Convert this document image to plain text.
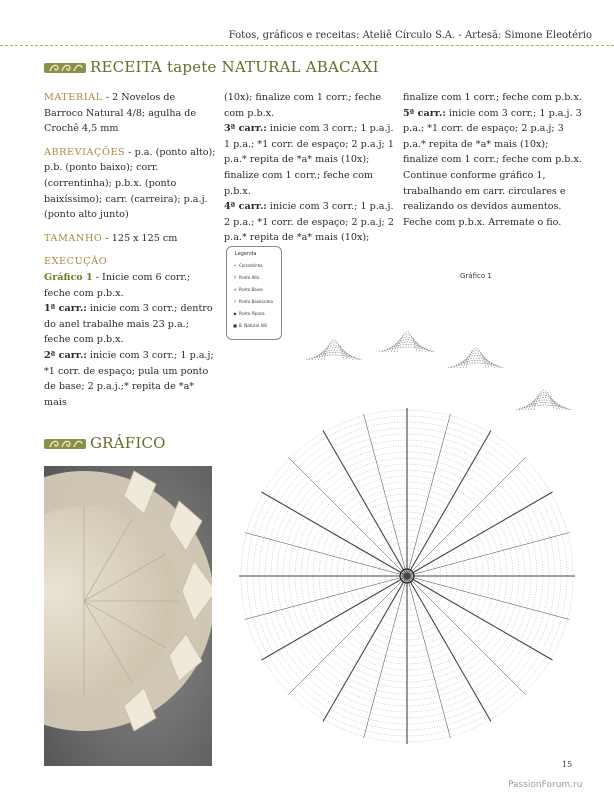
Fotos, gráficos e receitas: Ateliê Círculo S.A. - Artesã: Simone Eleotério
RECEITA tapete NATURAL ABACAXI

MATERIAL - 2 Novelos de Barroco Natural 4/8; agulha de Crochê 4,5 mm

ABREVIAÇÕES - p.a. (ponto alto); p.b. (ponto baixo); corr. (correntinha); p.b.x. (ponto baixíssimo); carr. (carreira); p.a.j. (ponto alto junto)

TAMANHO - 125 x 125 cm

EXECUÇÃO
Gráfico 1 - Inicie com 6 corr.; feche com p.b.x.
1ª carr.: inicie com 3 corr.; dentro do anel trabalhe mais 23 p.a.; feche com p.b.x.
2ª carr.: inicie com 3 corr.; 1 p.a.j; *1 corr. de espaço; pula um ponto de base; 2 p.a.j.;* repita de *a* mais

(10x); finalize com 1 corr.; feche com p.b.x.
3ª carr.: inicie com 3 corr.; 1 p.a.j. 1 p.a.; *1 corr. de espaço; 2 p.a.j; 1 p.a.* repita de *a* mais (10x); finalize com 1 corr.; feche com p.b.x.
4ª carr.: inicie com 3 corr.; 1 p.a.j. 2 p.a.; *1 corr. de espaço; 2 p.a.j; 2 p.a.* repita de *a* mais (10x);
finalize com 1 corr.; feche com p.b.x.
5ª carr.: inicie com 3 corr.; 1 p.a.j. 3 p.a.; *1 corr. de espaço; 2 p.a.j; 3 p.a.* repita de *a* mais (10x); finalize com 1 corr.; feche com p.b.x.
Continue conforme gráfico 1, trabalhando em carr. circulares e realizando os devidos aumentos. Feche com p.b.x. Arremate o fio.
GRÁFICO
Legenda
• Correntinha
† Ponto Alto
+ Ponto Baixo
• Ponto Baixíssimo
◆ Ponto Pipoca
■ B. Natural 4/8
Gráfico 1
15
PassionForum.ru
